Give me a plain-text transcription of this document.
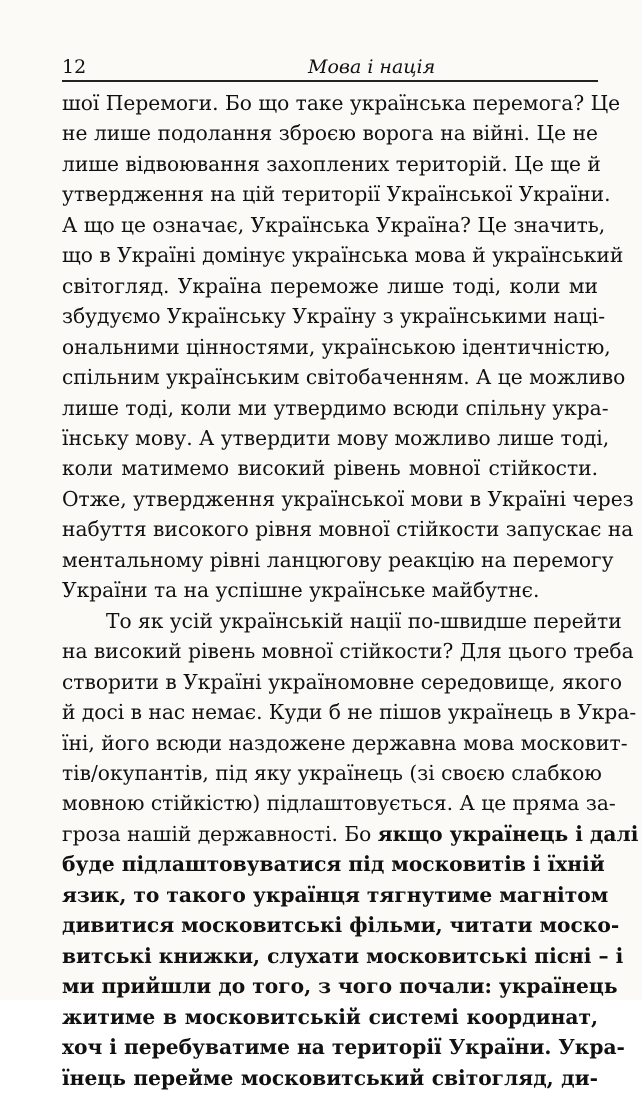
12	Мова і нація

шої Перемоги. Бо що таке українська перемога? Це
не лише подолання зброєю ворога на війні. Це не
лише відвоювання захоплених територій. Це ще й
утвердження на цій території Української України.
А що це означає, Українська Україна? Це значить,
що в Україні домінує українська мова й український
світогляд. Україна переможе лише тоді, коли ми
збудуємо Українську Україну з українськими наці-
ональними цінностями, українською ідентичністю,
спільним українським світобаченням. А це можливо
лише тоді, коли ми утвердимо всюди спільну укра-
їнську мову. А утвердити мову можливо лише тоді,
коли матимемо високий рівень мовної стійкости.
Отже, утвердження української мови в Україні через
набуття високого рівня мовної стійкости запускає на
ментальному рівні ланцюгову реакцію на перемогу
України та на успішне українське майбутнє.

То як усій українській нації по-швидше перейти
на високий рівень мовної стійкости? Для цього треба
створити в Україні україномовне середовище, якого
й досі в нас немає. Куди б не пішов українець в Укра-
їні, його всюди наздожене державна мова московит-
тів/окупантів, під яку українець (зі своєю слабкою
мовною стійкістю) підлаштовується. А це пряма за-
гроза нашій державності. Бо якщо українець і далі
буде підлаштовуватися під московитів і їхній
язик, то такого українця тягнутиме магнітом
дивитися московитські фільми, читати моско-
витські книжки, слухати московитські пісні – і
ми прийшли до того, з чого почали: українець
житиме в московитській системі координат,
хоч і перебуватиме на території України. Укра-
їнець перейме московитський світогляд, ди-
